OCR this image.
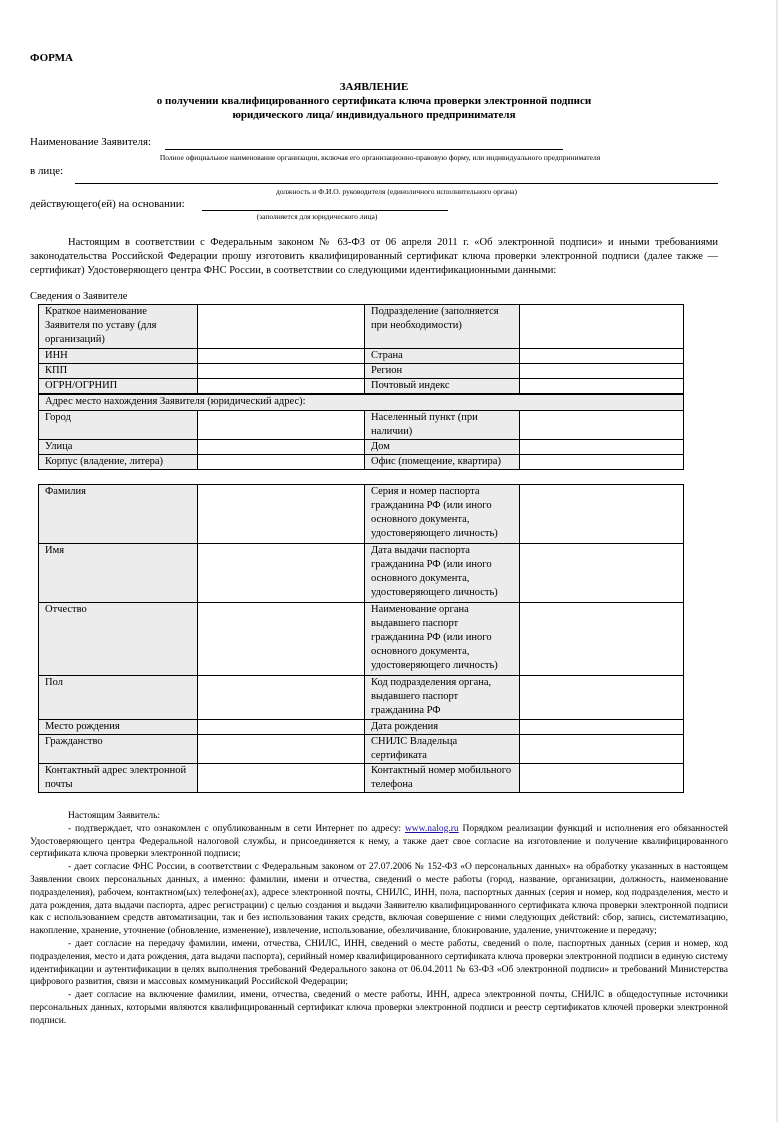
ФОРМА
ЗАЯВЛЕНИЕ
о получении квалифицированного сертификата ключа проверки электронной подписи
юридического лица/ индивидуального предпринимателя
Наименование Заявителя:
Полное официальное наименование организации, включая его организационно-правовую форму, или индивидуального предпринимателя
в лице:
должность и Ф.И.О. руководителя (единоличного исполнительного органа)
действующего(ей) на основании:
(заполняется для юридического лица)
Настоящим в соответствии с Федеральным законом № 63-ФЗ от 06 апреля 2011 г. «Об электронной подписи» и иными требованиями законодательства Российской Федерации прошу изготовить квалифицированный сертификат ключа проверки электронной подписи (далее также — сертификат) Удостоверяющего центра ФНС России, в соответствии со следующими идентификационными данными:
Сведения о Заявителе
Краткое наименование Заявителя по уставу (для организаций)		Подразделение (заполняется при необходимости)	
ИНН		Страна	
КПП		Регион	
ОГРН/ОГРНИП		Почтовый индекс	
Адрес место нахождения Заявителя (юридический адрес):			
Город		Населенный пункт (при наличии)	
Улица		Дом	
Корпус (владение, литера)		Офис (помещение, квартира)	
Фамилия		Серия и номер паспорта гражданина РФ (или иного основного документа, удостоверяющего личность)	
Имя		Дата выдачи паспорта гражданина РФ (или иного основного документа, удостоверяющего личность)	
Отчество		Наименование органа выдавшего паспорт гражданина РФ (или иного основного документа, удостоверяющего личность)	
Пол		Код подразделения органа, выдавшего паспорт гражданина РФ	
Место рождения		Дата рождения	
Гражданство		СНИЛС Владельца сертификата	
Контактный адрес электронной почты		Контактный номер мобильного телефона	

Настоящим Заявитель:

- подтверждает, что ознакомлен с опубликованным в сети Интернет по адресу: www.nalog.ru Порядком реализации функций и исполнения его обязанностей Удостоверяющего центра Федеральной налоговой службы, и присоединяется к нему, а также дает свое согласие на изготовление и получение квалифицированного сертификата ключа проверки электронной подписи;

- дает согласие ФНС России, в соответствии с Федеральным законом от 27.07.2006 № 152-ФЗ «О персональных данных» на обработку указанных в настоящем Заявлении своих персональных данных, а именно: фамилии, имени и отчества, сведений о месте работы (город, название, организации, должность, наименование подразделения), рабочем, контактном(ых) телефоне(ах), адресе электронной почты, СНИЛС, ИНН, пола, паспортных данных (серия и номер, код подразделения, место и дата рождения, дата выдачи паспорта, адрес регистрации) с целью создания и выдачи Заявителю квалифицированного сертификата ключа проверки электронной подписи как с использованием средств автоматизации, так и без использования таких средств, включая совершение с ними следующих действий: сбор, запись, систематизацию, накопление, хранение, уточнение (обновление, изменение), извлечение, использование, обезличивание, блокирование, удаление, уничтожение и передачу;

- дает согласие на передачу фамилии, имени, отчества, СНИЛС, ИНН, сведений о месте работы, сведений о поле, паспортных данных (серия и номер, код подразделения, место и дата рождения, дата выдачи паспорта), серийный номер квалифицированного сертификата ключа проверки электронной подписи в единую систему идентификации и аутентификации в целях выполнения требований Федерального закона от 06.04.2011 № 63-ФЗ «Об электронной подписи» и требований Министерства цифрового развития, связи и массовых коммуникаций Российской Федерации;

- дает согласие на включение фамилии, имени, отчества, сведений о месте работы, ИНН, адреса электронной почты, СНИЛС в общедоступные источники персональных данных, которыми являются квалифицированный сертификат ключа проверки электронной подписи и реестр сертификатов ключей проверки электронной подписи.
